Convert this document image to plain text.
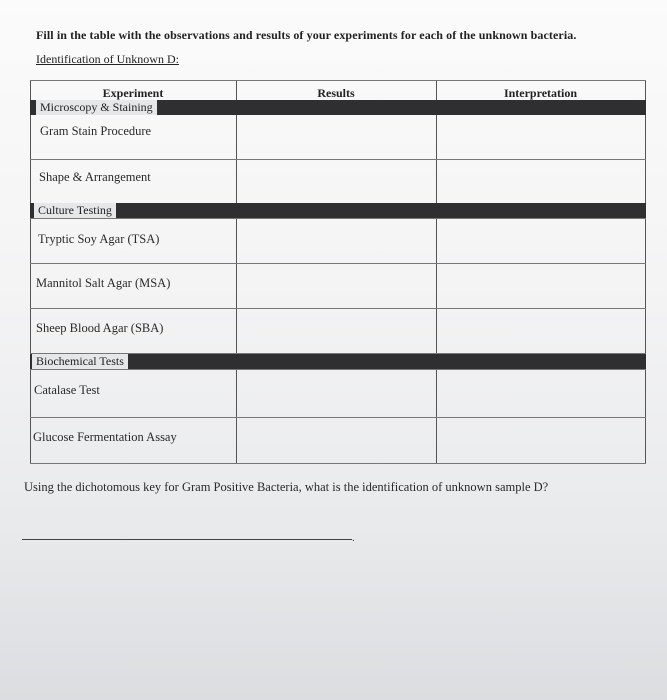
Fill in the table with the observations and results of your experiments for each of the unknown bacteria.
Identification of Unknown D:
Experiment	Results	Interpretation
Microscopy & Staining
Gram Stain Procedure
Shape & Arrangement
Culture Testing
Tryptic Soy Agar (TSA)
Mannitol Salt Agar (MSA)
Sheep Blood Agar (SBA)
Biochemical Tests
Catalase Test
Glucose Fermentation Assay
Using the dichotomous key for Gram Positive Bacteria, what is the identification of unknown sample D?
.
